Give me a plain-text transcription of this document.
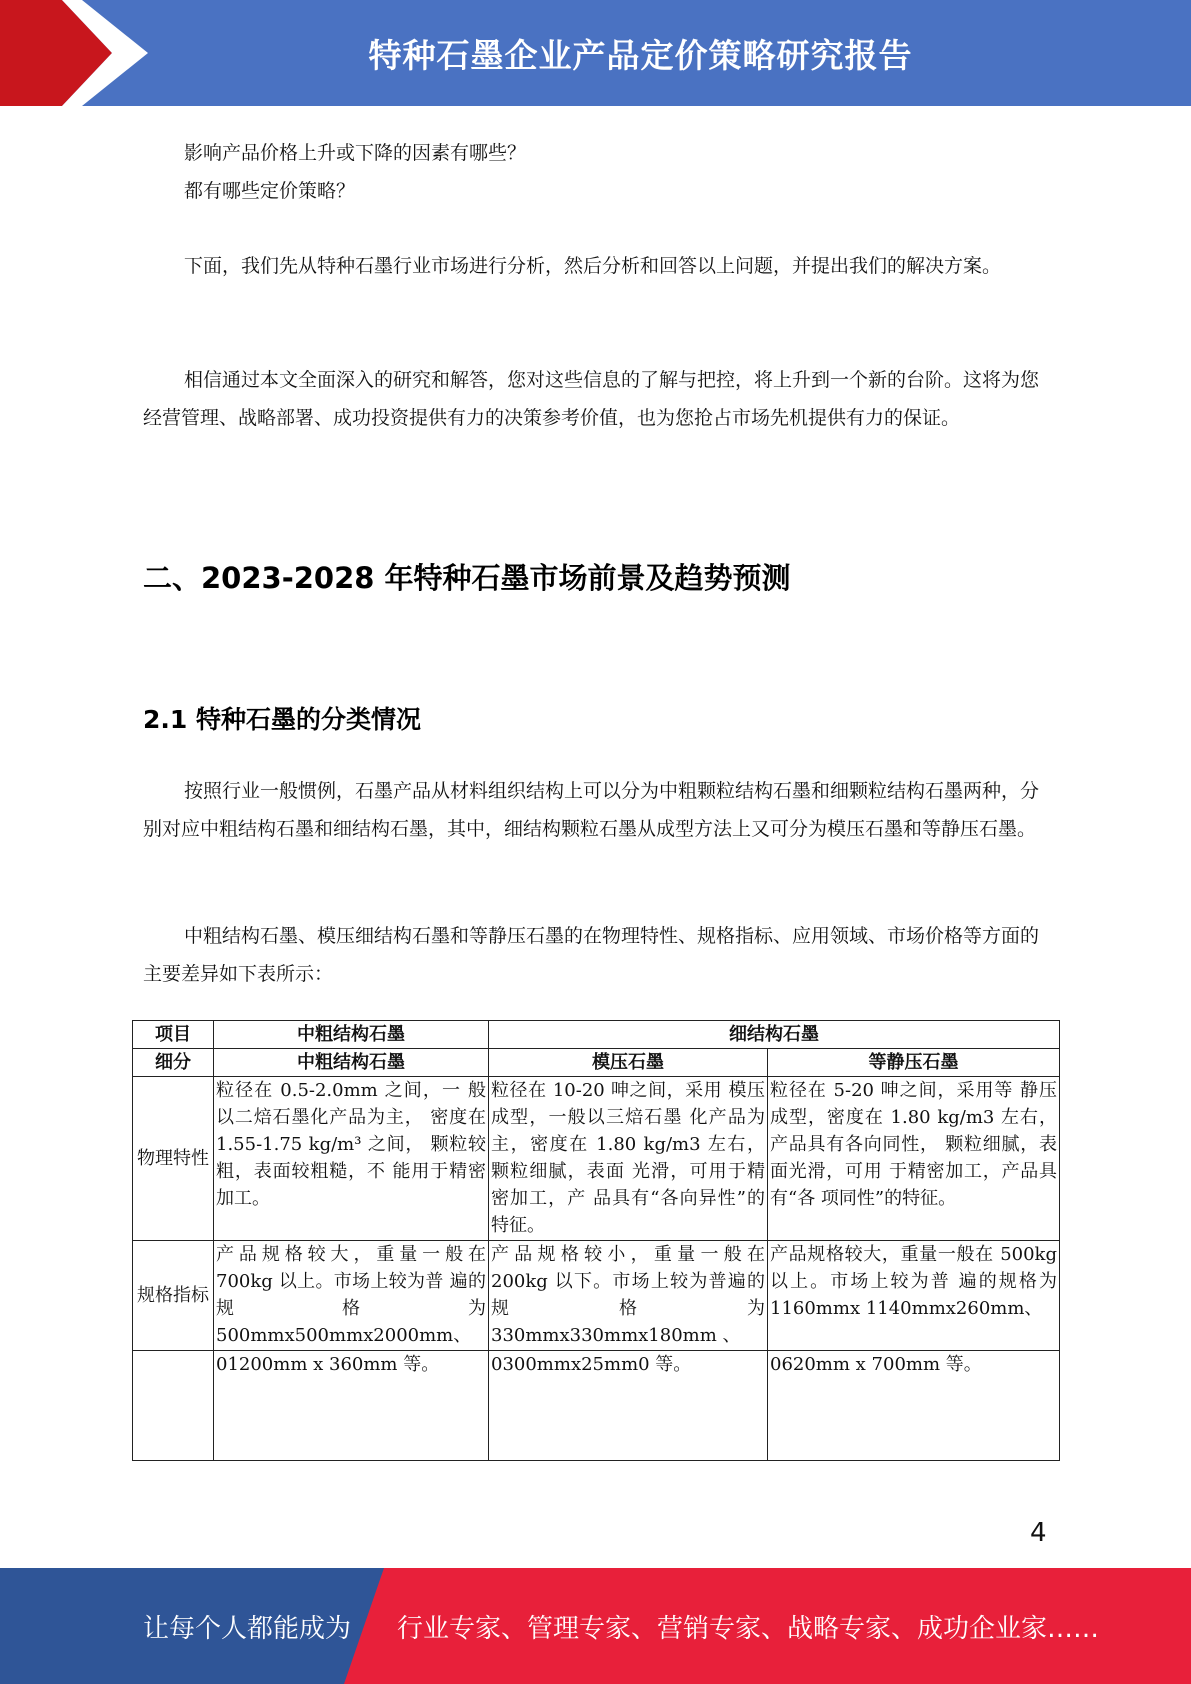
特种石墨企业产品定价策略研究报告

影响产品价格上升或下降的因素有哪些？

都有哪些定价策略？

下面，我们先从特种石墨行业市场进行分析，然后分析和回答以上问题，并提出我们的解决方案。

相信通过本文全面深入的研究和解答，您对这些信息的了解与把控，将上升到一个新的台阶。这将为您经营管理、战略部署、成功投资提供有力的决策参考价值，也为您抢占市场先机提供有力的保证。

二、2023-2028 年特种石墨市场前景及趋势预测
2.1 特种石墨的分类情况

按照行业一般惯例，石墨产品从材料组织结构上可以分为中粗颗粒结构石墨和细颗粒结构石墨两种，分别对应中粗结构石墨和细结构石墨，其中，细结构颗粒石墨从成型方法上又可分为模压石墨和等静压石墨。

中粗结构石墨、模压细结构石墨和等静压石墨的在物理特性、规格指标、应用领域、市场价格等方面的主要差异如下表所示：

项目	中粗结构石墨	细结构石墨	
细分	中粗结构石墨	模压石墨	等静压石墨
物理特性	粒径在 0.5-2.0mm 之间，一 般以二焙石墨化产品为主， 密度在 1.55-1.75 kg/m³ 之间， 颗粒较粗，表面较粗糙，不 能用于精密加工。	粒径在 10-20 呻之间，采用 模压成型，一般以三焙石墨 化产品为主，密度在 1.80 kg/m3 左右，颗粒细腻，表面 光滑，可用于精密加工，产 品具有“各向异性”的特征。	粒径在 5-20 呻之间，采用等 静压成型，密度在 1.80 kg/m3 左右，产品具有各向同性， 颗粒细腻，表面光滑，可用 于精密加工，产品具有“各 项同性”的特征。
规格指标	产品规格较大，重量一般在 700kg 以上。市场上较为普 遍的规格为 500mmx500mmx2000mm、	产品规格较小，重量一般在 200kg 以下。市场上较为普遍的规格为 330mmx330mmx180mm 、	产品规格较大，重量一般在 500kg 以上。市场上较为普 遍的规格为 1160mmx 1140mmx260mm、
	01200mm x 360mm 等。	0300mmx25mm0 等。	0620mm x 700mm 等。
4
让每个人都能成为 行业专家、管理专家、营销专家、战略专家、成功企业家……
